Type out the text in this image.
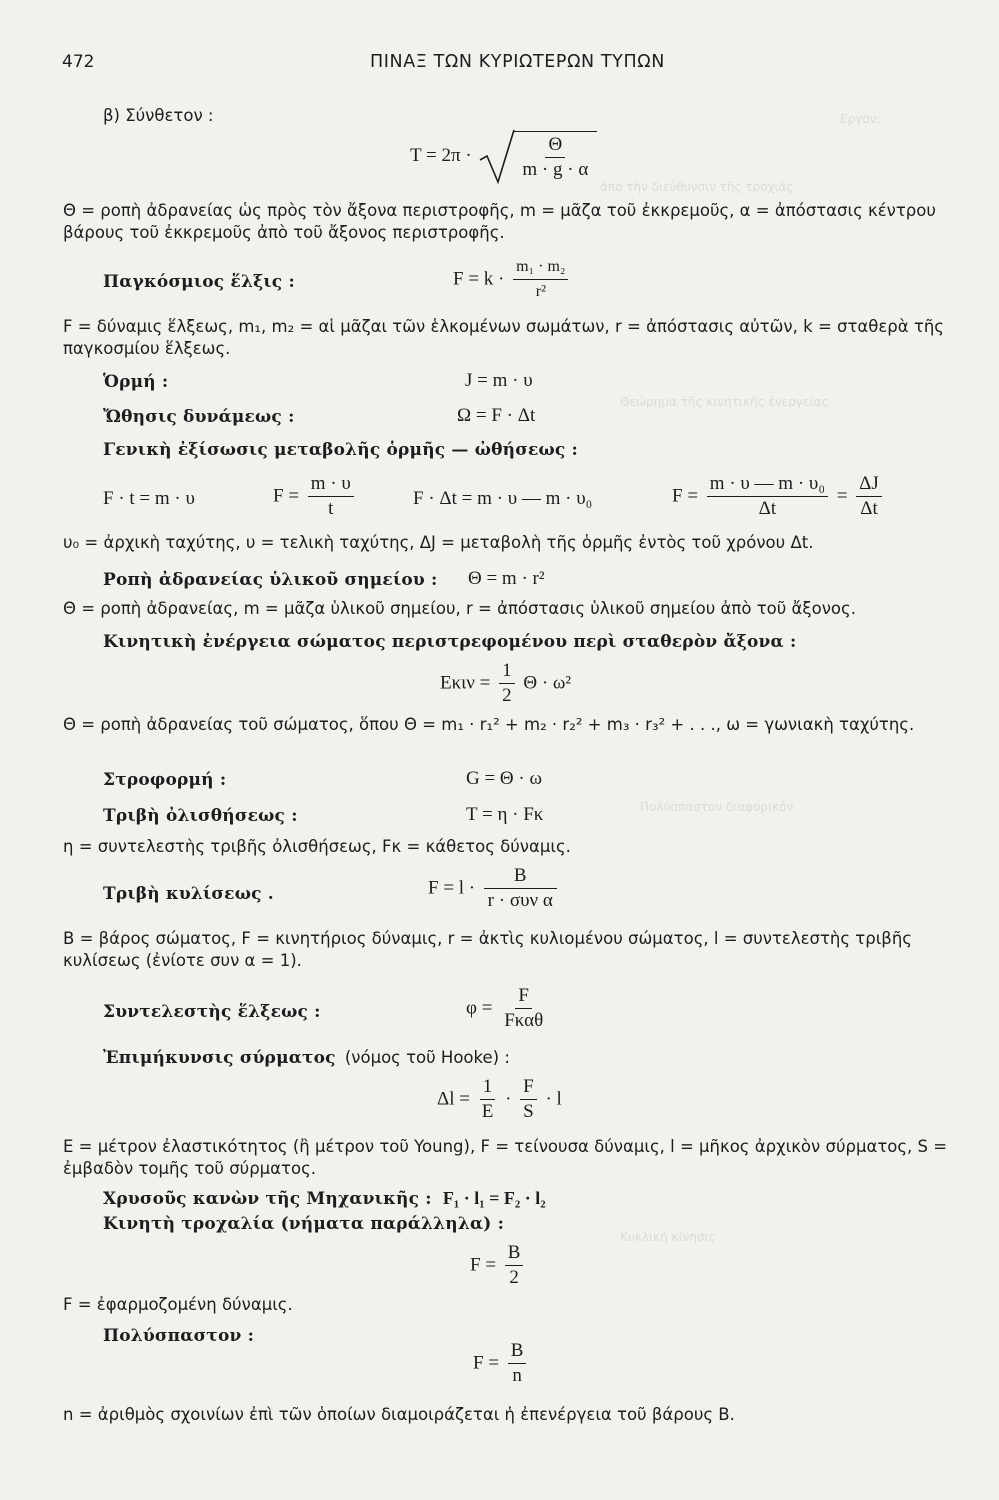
Εργον:
ἀπὸ τὴν διεύθυνσιν τῆς τροχιᾶς
Θεώρημα τῆς κινητικῆς ἐνεργείας
Πολύσπαστον διαφορικόν
Κυκλική κίνησις
472	ΠΙΝΑΞ ΤΩΝ ΚΥΡΙΩΤΕΡΩΝ ΤΥΠΩΝ
β) Σύνθετον :
T = 2π ·	$\frac{\Theta}{m \cdot g \cdot \alpha}$
Θ = ροπὴ ἀδρανείας ὡς πρὸς τὸν ἄξονα περιστροφῆς, m = μᾶζα τοῦ ἐκκρεμοῦς, α = ἀπόστασις κέντρου βάρους τοῦ ἐκκρεμοῦς ἀπὸ τοῦ ἄξονος περιστροφῆς.
Παγκόσμιος ἕλξις :	$F = k \cdot \frac{\text{m₁ · m₂}}{\text{r²}}$
F = δύναμις ἕλξεως, m₁, m₂ = αἱ μᾶζαι τῶν ἑλκομένων σωμάτων, r = ἀπόστασις αὐτῶν, k = σταθερὰ τῆς παγκοσμίου ἕλξεως.
Ὁρμή :	J = m · υ
Ὤθησις δυνάμεως :	Ω = F · Δt
Γενικὴ ἐξίσωσις μεταβολῆς ὁρμῆς — ὠθήσεως :
F · t = m · υ	$F = \frac{m \cdot \upsilon}{t}$	F · Δt = m · υ — m · υ₀	$F = \frac{\text{m · υ — m · υ₀}}{\Delta t} = \frac{\Delta J}{\Delta t}$
υ₀ = ἀρχικὴ ταχύτης, υ = τελικὴ ταχύτης, ΔJ = μεταβολὴ τῆς ὁρμῆς ἐντὸς τοῦ χρόνου Δt.
Ροπὴ ἀδρανείας ὑλικοῦ σημείου : Θ = m · r²
Θ = ροπὴ ἀδρανείας, m = μᾶζα ὑλικοῦ σημείου, r = ἀπόστασις ὑλικοῦ σημείου ἀπὸ τοῦ ἄξονος.
Κινητικὴ ἐνέργεια σώματος περιστρεφομένου περὶ σταθερὸν ἄξονα :
$E\kappa\iota\nu = \frac{1}{2}$ Θ · ω²
Θ = ροπὴ ἀδρανείας τοῦ σώματος, ὅπου Θ = m₁ · r₁² + m₂ · r₂² + m₃ · r₃² + . . ., ω = γωνιακὴ ταχύτης.
Στροφορμή :	G = Θ · ω
Τριβὴ ὀλισθήσεως :	T = η · Fκ
η = συντελεστὴς τριβῆς ὀλισθήσεως, Fκ = κάθετος δύναμις.
Τριβὴ κυλίσεως .	$F = l \cdot \frac{B}{\text{r · συν α}}$
B = βάρος σώματος, F = κινητήριος δύναμις, r = ἀκτὶς κυλιομένου σώματος, l = συντελεστὴς τριβῆς κυλίσεως (ἐνίοτε συν α = 1).
Συντελεστὴς ἕλξεως :	$\varphi = \frac{F}{\text{Fκαθ}}$
Ἐπιμήκυνσις σύρματος (νόμος τοῦ Hooke) :
$\Delta l = \frac{1}{E} \cdot \frac{F}{S} \cdot l$
E = μέτρον ἐλαστικότητος (ἢ μέτρον τοῦ Young), F = τείνουσα δύναμις, l = μῆκος ἀρχικὸν σύρματος, S = ἐμβαδὸν τομῆς τοῦ σύρματος.
Χρυσοῦς κανὼν τῆς Μηχανικῆς : F₁ · l₁ = F₂ · l₂
Κινητὴ τροχαλία (νήματα παράλληλα) :
$F = \frac{B}{2}$
F = ἐφαρμοζομένη δύναμις.
Πολύσπαστον :
$F = \frac{B}{n}$
n = ἀριθμὸς σχοινίων ἐπὶ τῶν ὁποίων διαμοιράζεται ἡ ἐπενέργεια τοῦ βάρους B.
